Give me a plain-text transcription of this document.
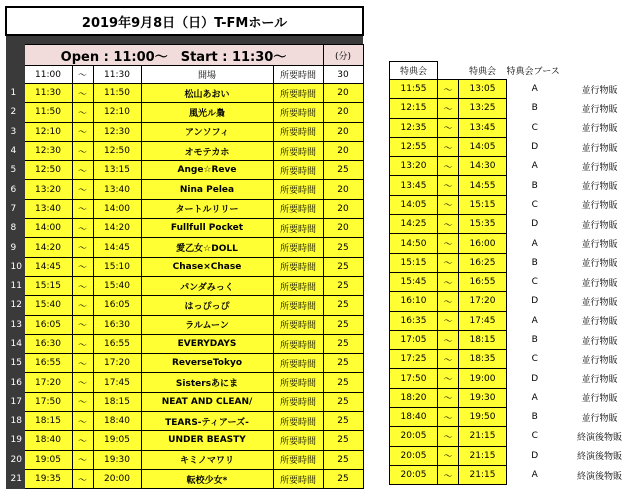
2019年9月8日（日）T-FMホール						

	Open : 11:00～　Start : 11:30～					(分)
	11:00	～	11:30	開場	所要時間	30
1	11:30	～	11:50	松山あおい	所要時間	20
2	11:50	～	12:10	風光ル梟	所要時間	20
3	12:10	～	12:30	アンソフィ	所要時間	20
4	12:30	～	12:50	オモテカホ	所要時間	20
5	12:50	～	13:15	Ange☆Reve	所要時間	25
6	13:20	～	13:40	Nina Pelea	所要時間	20
7	13:40	～	14:00	タートルリリー	所要時間	20
8	14:00	～	14:20	Fullfull Pocket	所要時間	20
9	14:20	～	14:45	愛乙女☆DOLL	所要時間	25
10	14:45	～	15:10	Chase×Chase	所要時間	25
11	15:15	～	15:40	パンダみっく	所要時間	25
12	15:40	～	16:05	はっぴっぴ	所要時間	25
13	16:05	～	16:30	ラルムーン	所要時間	25
14	16:30	～	16:55	EVERYDAYS	所要時間	25
15	16:55	～	17:20	ReverseTokyo	所要時間	25
16	17:20	～	17:45	Sistersあにま	所要時間	25
17	17:50	～	18:15	NEAT AND CLEAN/	所要時間	25
18	18:15	～	18:40	TEARS-ティアーズ-	所要時間	25
19	18:40	～	19:05	UNDER BEASTY	所要時間	25
20	19:05	～	19:30	キミノマワリ	所要時間	25
21	19:35	～	20:00	転校少女*	所要時間	25
特典会		特典会	特典会ブース	
11:55	～	13:05	A	並行物販
12:15	～	13:25	B	並行物販
12:35	～	13:45	C	並行物販
12:55	～	14:05	D	並行物販
13:20	～	14:30	A	並行物販
13:45	～	14:55	B	並行物販
14:05	～	15:15	C	並行物販
14:25	～	15:35	D	並行物販
14:50	～	16:00	A	並行物販
15:15	～	16:25	B	並行物販
15:45	～	16:55	C	並行物販
16:10	～	17:20	D	並行物販
16:35	～	17:45	A	並行物販
17:05	～	18:15	B	並行物販
17:25	～	18:35	C	並行物販
17:50	～	19:00	D	並行物販
18:20	～	19:30	A	並行物販
18:40	～	19:50	B	並行物販
20:05	～	21:15	C	終演後物販
20:05	～	21:15	D	終演後物販
20:05	～	21:15	A	終演後物販
